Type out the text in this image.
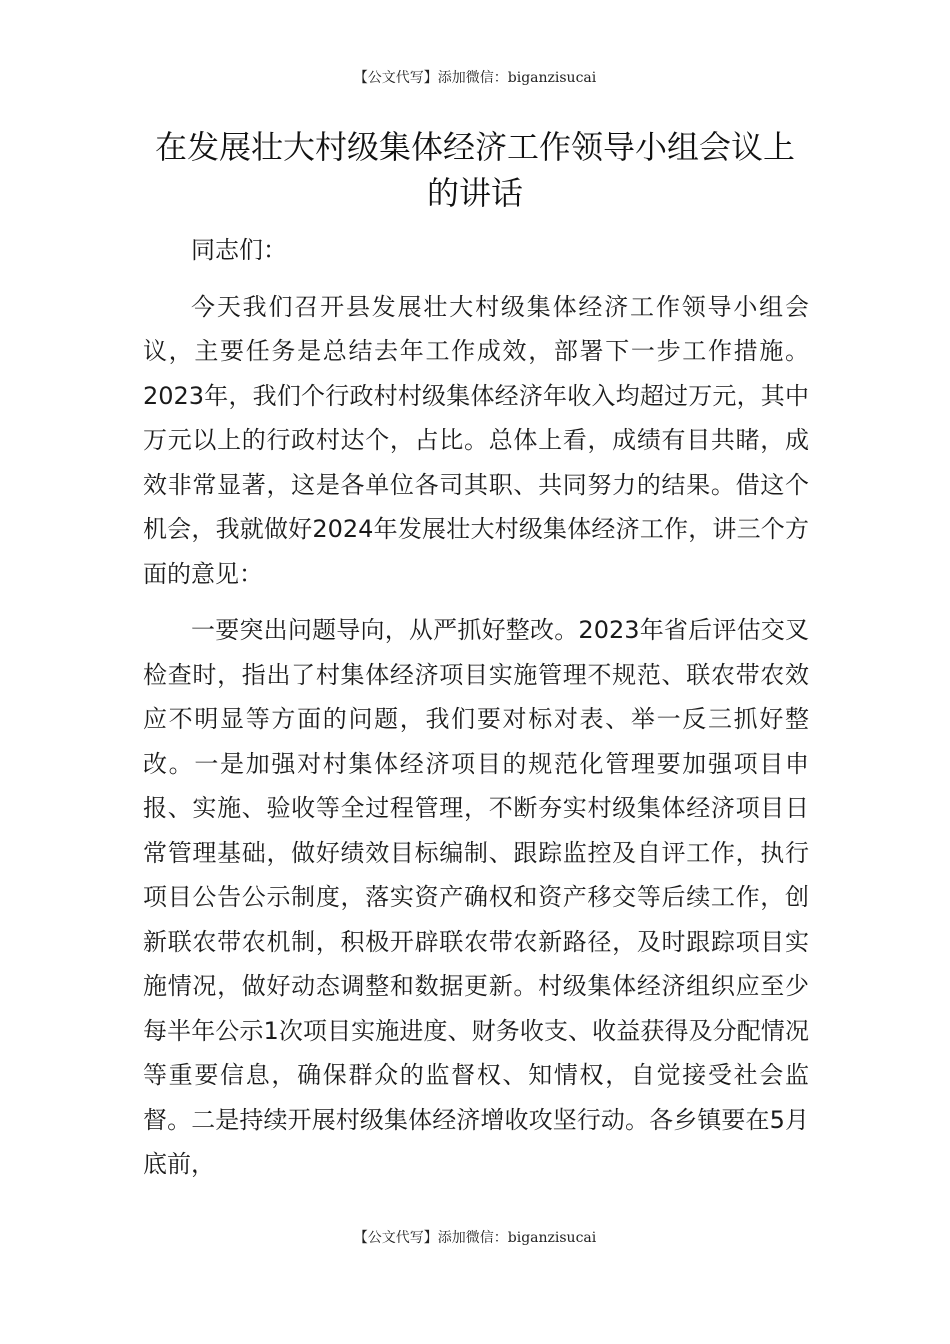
【公文代写】添加微信：biganzisucai
在发展壮大村级集体经济工作领导小组会议上的讲话

同志们：

今天我们召开县发展壮大村级集体经济工作领导小组会议，主要任务是总结去年工作成效，部署下一步工作措施。2023年，我们个行政村村级集体经济年收入均超过万元，其中万元以上的行政村达个，占比。总体上看，成绩有目共睹，成效非常显著，这是各单位各司其职、共同努力的结果。借这个机会，我就做好2024年发展壮大村级集体经济工作，讲三个方面的意见：

一要突出问题导向，从严抓好整改。2023年省后评估交叉检查时，指出了村集体经济项目实施管理不规范、联农带农效应不明显等方面的问题，我们要对标对表、举一反三抓好整改。一是加强对村集体经济项目的规范化管理要加强项目申报、实施、验收等全过程管理，不断夯实村级集体经济项目日常管理基础，做好绩效目标编制、跟踪监控及自评工作，执行项目公告公示制度，落实资产确权和资产移交等后续工作，创新联农带农机制，积极开辟联农带农新路径，及时跟踪项目实施情况，做好动态调整和数据更新。村级集体经济组织应至少每半年公示1次项目实施进度、财务收支、收益获得及分配情况等重要信息，确保群众的监督权、知情权，自觉接受社会监督。二是持续开展村级集体经济增收攻坚行动。各乡镇要在5月底前，

【公文代写】添加微信：biganzisucai
